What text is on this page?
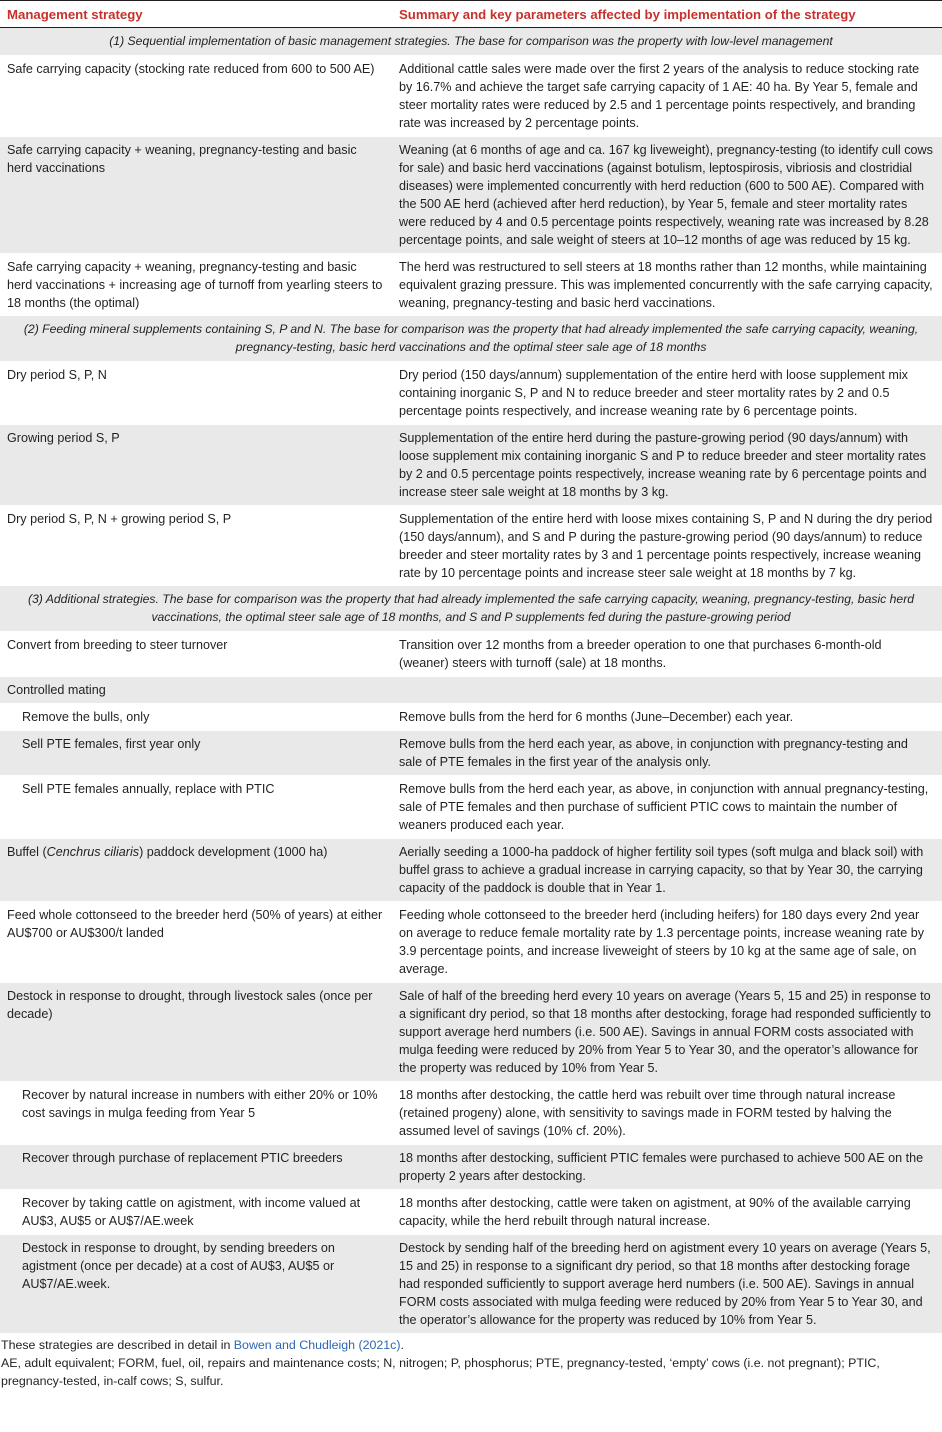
Management strategy	Summary and key parameters affected by implementation of the strategy
(1) Sequential implementation of basic management strategies. The base for comparison was the property with low-level management	
Safe carrying capacity (stocking rate reduced from 600 to 500 AE)	Additional cattle sales were made over the first 2 years of the analysis to reduce stocking rate by 16.7% and achieve the target safe carrying capacity of 1 AE: 40 ha. By Year 5, female and steer mortality rates were reduced by 2.5 and 1 percentage points respectively, and branding rate was increased by 2 percentage points.
Safe carrying capacity + weaning, pregnancy-testing and basic herd vaccinations	Weaning (at 6 months of age and ca. 167 kg liveweight), pregnancy-testing (to identify cull cows for sale) and basic herd vaccinations (against botulism, leptospirosis, vibriosis and clostridial diseases) were implemented concurrently with herd reduction (600 to 500 AE). Compared with the 500 AE herd (achieved after herd reduction), by Year 5, female and steer mortality rates were reduced by 4 and 0.5 percentage points respectively, weaning rate was increased by 8.28 percentage points, and sale weight of steers at 10–12 months of age was reduced by 15 kg.
Safe carrying capacity + weaning, pregnancy-testing and basic herd vaccinations + increasing age of turnoff from yearling steers to 18 months (the optimal)	The herd was restructured to sell steers at 18 months rather than 12 months, while maintaining equivalent grazing pressure. This was implemented concurrently with the safe carrying capacity, weaning, pregnancy-testing and basic herd vaccinations.
(2) Feeding mineral supplements containing S, P and N. The base for comparison was the property that had already implemented the safe carrying capacity, weaning, pregnancy-testing, basic herd vaccinations and the optimal steer sale age of 18 months	
Dry period S, P, N	Dry period (150 days/annum) supplementation of the entire herd with loose supplement mix containing inorganic S, P and N to reduce breeder and steer mortality rates by 2 and 0.5 percentage points respectively, and increase weaning rate by 6 percentage points.
Growing period S, P	Supplementation of the entire herd during the pasture-growing period (90 days/annum) with loose supplement mix containing inorganic S and P to reduce breeder and steer mortality rates by 2 and 0.5 percentage points respectively, increase weaning rate by 6 percentage points and increase steer sale weight at 18 months by 3 kg.
Dry period S, P, N + growing period S, P	Supplementation of the entire herd with loose mixes containing S, P and N during the dry period (150 days/annum), and S and P during the pasture-growing period (90 days/annum) to reduce breeder and steer mortality rates by 3 and 1 percentage points respectively, increase weaning rate by 10 percentage points and increase steer sale weight at 18 months by 7 kg.
(3) Additional strategies. The base for comparison was the property that had already implemented the safe carrying capacity, weaning, pregnancy-testing, basic herd vaccinations, the optimal steer sale age of 18 months, and S and P supplements fed during the pasture-growing period	
Convert from breeding to steer turnover	Transition over 12 months from a breeder operation to one that purchases 6-month-old (weaner) steers with turnoff (sale) at 18 months.
Controlled mating	
Remove the bulls, only	Remove bulls from the herd for 6 months (June–December) each year.
Sell PTE females, first year only	Remove bulls from the herd each year, as above, in conjunction with pregnancy-testing and sale of PTE females in the first year of the analysis only.
Sell PTE females annually, replace with PTIC	Remove bulls from the herd each year, as above, in conjunction with annual pregnancy-testing, sale of PTE females and then purchase of sufficient PTIC cows to maintain the number of weaners produced each year.
Buffel (Cenchrus ciliaris) paddock development (1000 ha)	Aerially seeding a 1000-ha paddock of higher fertility soil types (soft mulga and black soil) with buffel grass to achieve a gradual increase in carrying capacity, so that by Year 30, the carrying capacity of the paddock is double that in Year 1.
Feed whole cottonseed to the breeder herd (50% of years) at either AU$700 or AU$300/t landed	Feeding whole cottonseed to the breeder herd (including heifers) for 180 days every 2nd year on average to reduce female mortality rate by 1.3 percentage points, increase weaning rate by 3.9 percentage points, and increase liveweight of steers by 10 kg at the same age of sale, on average.
Destock in response to drought, through livestock sales (once per decade)	Sale of half of the breeding herd every 10 years on average (Years 5, 15 and 25) in response to a significant dry period, so that 18 months after destocking, forage had responded sufficiently to support average herd numbers (i.e. 500 AE). Savings in annual FORM costs associated with mulga feeding were reduced by 20% from Year 5 to Year 30, and the operator’s allowance for the property was reduced by 10% from Year 5.
Recover by natural increase in numbers with either 20% or 10% cost savings in mulga feeding from Year 5	18 months after destocking, the cattle herd was rebuilt over time through natural increase (retained progeny) alone, with sensitivity to savings made in FORM tested by halving the assumed level of savings (10% cf. 20%).
Recover through purchase of replacement PTIC breeders	18 months after destocking, sufficient PTIC females were purchased to achieve 500 AE on the property 2 years after destocking.
Recover by taking cattle on agistment, with income valued at AU$3, AU$5 or AU$7/AE.week	18 months after destocking, cattle were taken on agistment, at 90% of the available carrying capacity, while the herd rebuilt through natural increase.
Destock in response to drought, by sending breeders on agistment (once per decade) at a cost of AU$3, AU$5 or AU$7/AE.week.	Destock by sending half of the breeding herd on agistment every 10 years on average (Years 5, 15 and 25) in response to a significant dry period, so that 18 months after destocking forage had responded sufficiently to support average herd numbers (i.e. 500 AE). Savings in annual FORM costs associated with mulga feeding were reduced by 20% from Year 5 to Year 30, and the operator’s allowance for the property was reduced by 10% from Year 5.
These strategies are described in detail in Bowen and Chudleigh (2021c).
AE, adult equivalent; FORM, fuel, oil, repairs and maintenance costs; N, nitrogen; P, phosphorus; PTE, pregnancy-tested, ‘empty’ cows (i.e. not pregnant); PTIC, pregnancy-tested, in-calf cows; S, sulfur.
